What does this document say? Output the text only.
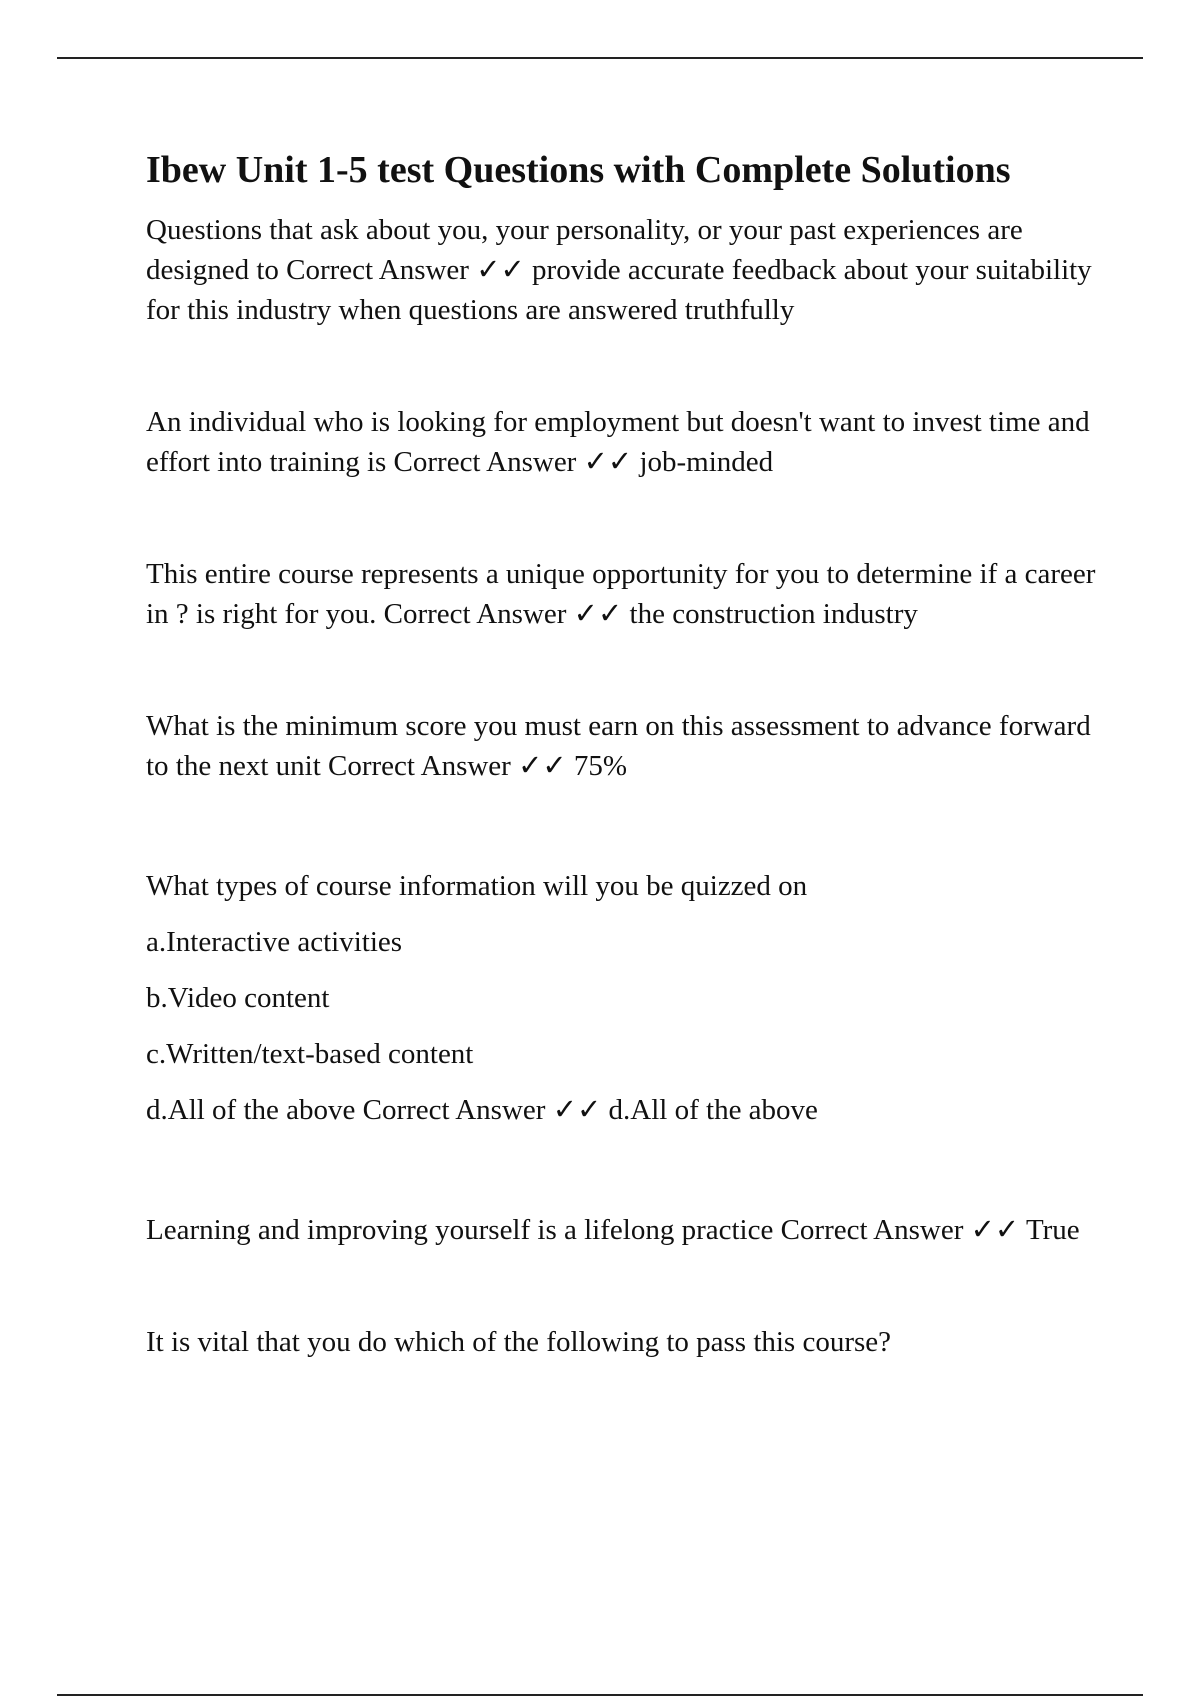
Ibew Unit 1-5 test Questions with Complete Solutions

Questions that ask about you, your personality, or your past experiences are designed to Correct Answer ✓✓ provide accurate feedback about your suitability for this industry when questions are answered truthfully

An individual who is looking for employment but doesn't want to invest time and effort into training is Correct Answer ✓✓ job-minded

This entire course represents a unique opportunity for you to determine if a career in ? is right for you. Correct Answer ✓✓ the construction industry

What is the minimum score you must earn on this assessment to advance forward to the next unit Correct Answer ✓✓ 75%

What types of course information will you be quizzed on

a.Interactive activities

b.Video content

c.Written/text-based content

d.All of the above Correct Answer ✓✓ d.All of the above

Learning and improving yourself is a lifelong practice Correct Answer ✓✓ True

It is vital that you do which of the following to pass this course?
